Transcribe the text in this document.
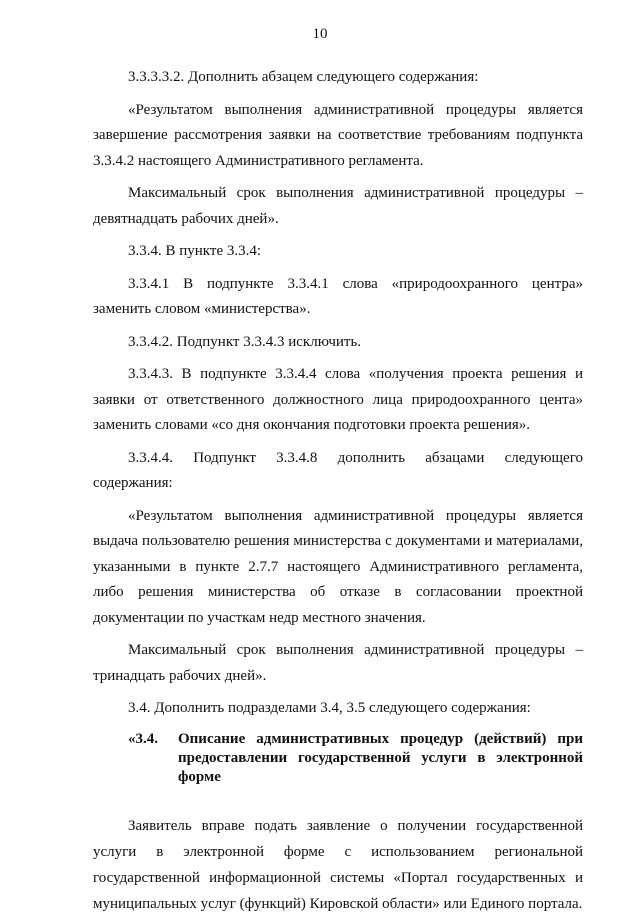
10

3.3.3.3.2. Дополнить абзацем следующего содержания:

«Результатом выполнения административной процедуры является завершение рассмотрения заявки на соответствие требованиям подпункта 3.3.4.2 настоящего Административного регламента.

Максимальный срок выполнения административной процедуры – девятнадцать рабочих дней».

3.3.4. В пункте 3.3.4:

3.3.4.1 В подпункте 3.3.4.1 слова «природоохранного центра» заменить словом «министерства».

3.3.4.2. Подпункт 3.3.4.3 исключить.

3.3.4.3. В подпункте 3.3.4.4 слова «получения проекта решения и заявки от ответственного должностного лица природоохранного цента» заменить словами «со дня окончания подготовки проекта решения».

3.3.4.4. Подпункт 3.3.4.8 дополнить абзацами следующего содержания:

«Результатом выполнения административной процедуры является выдача пользователю решения министерства с документами и материалами, указанными в пункте 2.7.7 настоящего Административного регламента, либо решения министерства об отказе в согласовании проектной документации по участкам недр местного значения.

Максимальный срок выполнения административной процедуры – тринадцать рабочих дней».

3.4. Дополнить подразделами 3.4, 3.5 следующего содержания:

«3.4.	Описание административных процедур (действий) при предоставлении государственной услуги в электронной форме

Заявитель вправе подать заявление о получении государственной услуги в электронной форме с использованием региональной государственной информационной системы «Портал государственных и муниципальных услуг (функций) Кировской области» или Единого портала.
